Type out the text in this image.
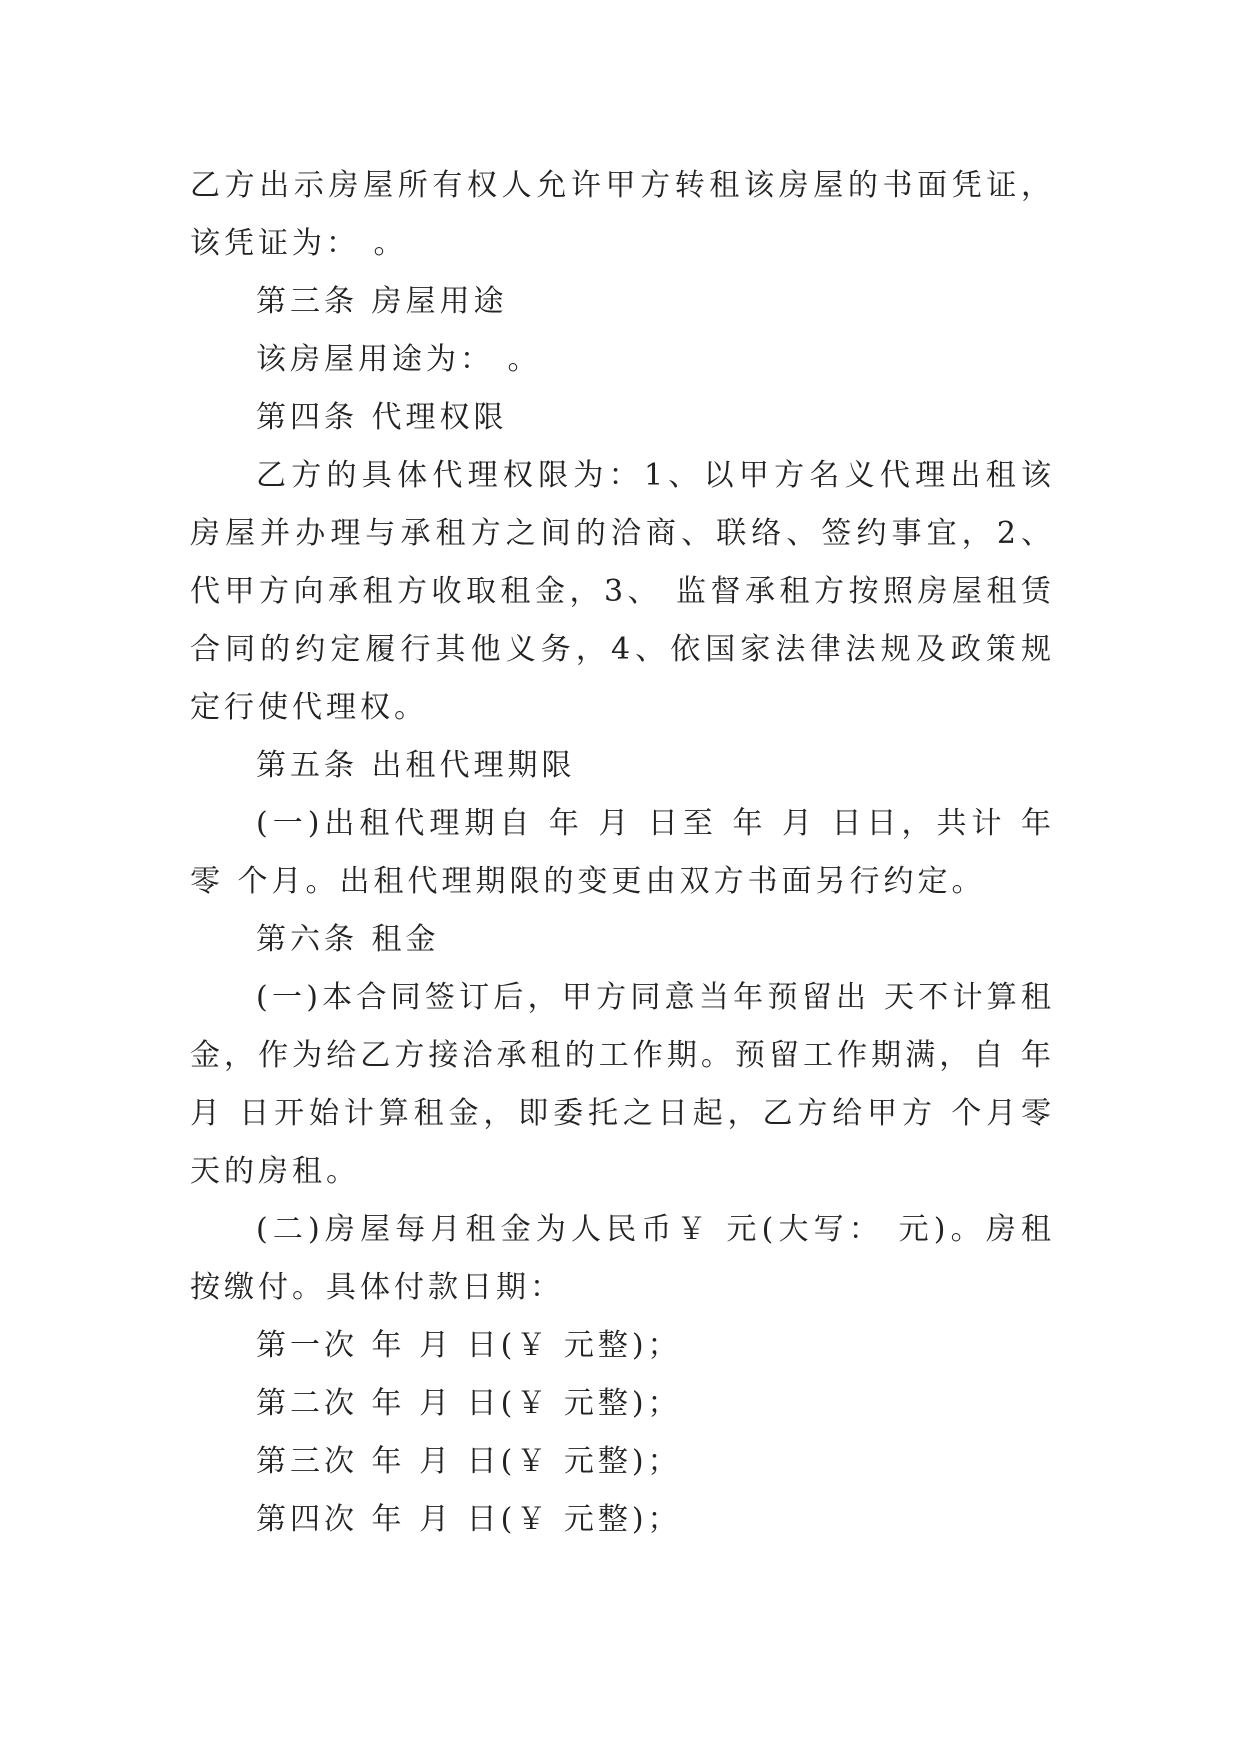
乙方出示房屋所有权人允许甲方转租该房屋的书面凭证，该凭证为： 。

第三条 房屋用途

该房屋用途为： 。

第四条 代理权限

乙方的具体代理权限为：1、以甲方名义代理出租该房屋并办理与承租方之间的洽商、联络、签约事宜，2、 代甲方向承租方收取租金，3、 监督承租方按照房屋租赁合同的约定履行其他义务，4、依国家法律法规及政策规定行使代理权。

第五条 出租代理期限

(一)出租代理期自 年 月 日至 年 月 日日，共计 年零 个月。出租代理期限的变更由双方书面另行约定。

第六条 租金

(一)本合同签订后，甲方同意当年预留出 天不计算租金，作为给乙方接洽承租的工作期。预留工作期满，自 年 月 日开始计算租金，即委托之日起，乙方给甲方 个月零天的房租。

(二)房屋每月租金为人民币￥ 元(大写： 元)。房租按缴付。具体付款日期：

第一次 年 月 日(￥ 元整)；

第二次 年 月 日(￥ 元整)；

第三次 年 月 日(￥ 元整)；

第四次 年 月 日(￥ 元整)；
